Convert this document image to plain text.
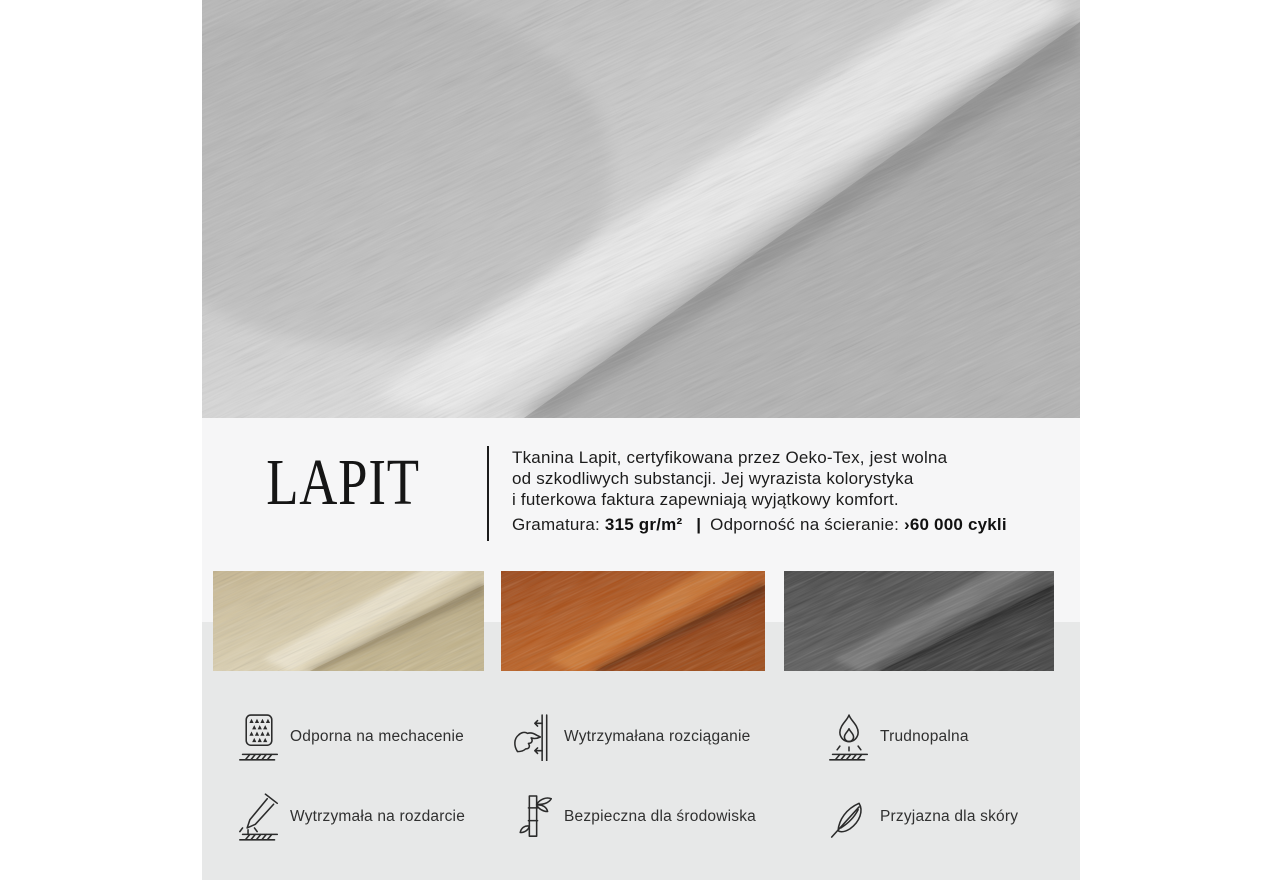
LAPIT	Tkanina Lapit, certyfikowana przez Oeko-Tex, jest wolna
od szkodliwych substancji. Jej wyrazista kolorystyka
i futerkowa faktura zapewniają wyjątkowy komfort.
Gramatura: 315 gr/m² | Odporność na ścieranie: ›60 000 cykli
Odporna na mechacenie	Wytrzymałana rozciąganie	Trudnopalna
Wytrzymała na rozdarcie	Bezpieczna dla środowiska	Przyjazna dla skóry
